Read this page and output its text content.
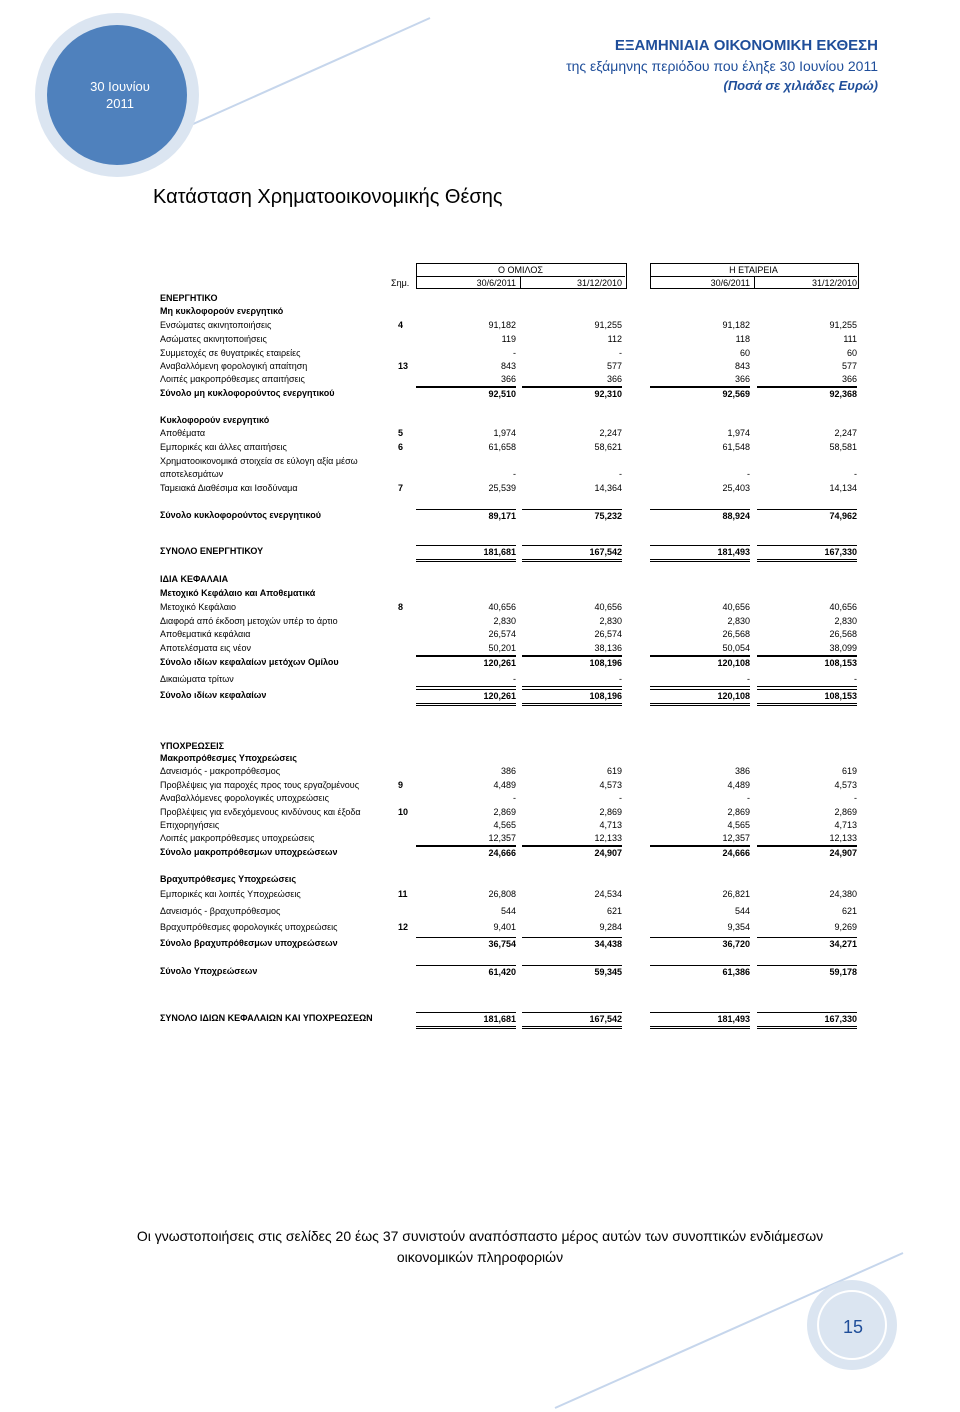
30 Ιουνίου
2011
ΕΞΑΜΗΝΙΑΙΑ ΟΙΚΟΝΟΜΙΚΗ ΕΚΘΕΣΗ
της εξάμηνης περιόδου που έληξε 30 Ιουνίου 2011
(Ποσά σε χιλιάδες Ευρώ)
Κατάσταση Χρηματοοικονομικής Θέσης
Ο ΟΜΙΛΟΣ	Η ΕΤΑΙΡΕΙΑ
Σημ.	30/6/2011	31/12/2010	30/6/2011	31/12/2010
ΕΝΕΡΓΗΤΙΚΟ
Μη κυκλοφορούν ενεργητικό
Ενσώματες ακινητοποιήσεις	4	91,182	91,255	91,182	91,255
Ασώματες ακινητοποιήσεις	119	112	118	111
Συμμετοχές σε θυγατρικές εταιρείες	-	-	60	60
Αναβαλλόμενη φορολογική απαίτηση	13	843	577	843	577
Λοιπές μακροπρόθεσμες απαιτήσεις	366	366	366	366
Σύνολο μη κυκλοφορούντος ενεργητικού	92,510	92,310	92,569	92,368
Κυκλοφορούν ενεργητικό
Αποθέματα	5	1,974	2,247	1,974	2,247
Εμπορικές και άλλες απαιτήσεις	6	61,658	58,621	61,548	58,581
Χρηματοοικονομικά στοιχεία σε εύλογη αξία μέσω
αποτελεσμάτων	-	-	-	-
Ταμειακά Διαθέσιμα και Ισοδύναμα	7	25,539	14,364	25,403	14,134
Σύνολο κυκλοφορούντος ενεργητικού	89,171	75,232	88,924	74,962
ΣΥΝΟΛΟ ΕΝΕΡΓΗΤΙΚΟΥ	181,681	167,542	181,493	167,330
ΙΔΙΑ ΚΕΦΑΛΑΙΑ
Μετοχικό Κεφάλαιο και Αποθεματικά
Μετοχικό Κεφάλαιο	8	40,656	40,656	40,656	40,656
Διαφορά από έκδοση μετοχών υπέρ το άρτιο	2,830	2,830	2,830	2,830
Αποθεματικά κεφάλαια	26,574	26,574	26,568	26,568
Αποτελέσματα εις νέον	50,201	38,136	50,054	38,099
Σύνολο ιδίων κεφαλαίων μετόχων Ομίλου	120,261	108,196	120,108	108,153
Δικαιώματα τρίτων	-	-	-	-
Σύνολο ιδίων κεφαλαίων	120,261	108,196	120,108	108,153
ΥΠΟΧΡΕΩΣΕΙΣ
Μακροπρόθεσμες Υποχρεώσεις
Δανεισμός - μακροπρόθεσμος	386	619	386	619
Προβλέψεις για παροχές προς τους εργαζομένους	9	4,489	4,573	4,489	4,573
Αναβαλλόμενες φορολογικές υποχρεώσεις	-	-	-	-
Προβλέψεις για ενδεχόμενους κινδύνους και έξοδα	10	2,869	2,869	2,869	2,869
Επιχορηγήσεις	4,565	4,713	4,565	4,713
Λοιπές μακροπρόθεσμες υποχρεώσεις	12,357	12,133	12,357	12,133
Σύνολο μακροπρόθεσμων υποχρεώσεων	24,666	24,907	24,666	24,907
Βραχυπρόθεσμες Υποχρεώσεις
Εμπορικές και λοιπές Υποχρεώσεις	11	26,808	24,534	26,821	24,380
Δανεισμός - βραχυπρόθεσμος	544	621	544	621
Βραχυπρόθεσμες φορολογικές υποχρεώσεις	12	9,401	9,284	9,354	9,269
Σύνολο βραχυπρόθεσμων υποχρεώσεων	36,754	34,438	36,720	34,271
Σύνολο Υποχρεώσεων	61,420	59,345	61,386	59,178
ΣΥΝΟΛΟ ΙΔΙΩΝ ΚΕΦΑΛΑΙΩΝ ΚΑΙ ΥΠΟΧΡΕΩΣΕΩΝ	181,681	167,542	181,493	167,330
Οι γνωστοποιήσεις στις σελίδες 20 έως 37 συνιστούν αναπόσπαστο μέρος αυτών των συνοπτικών ενδιάμεσων
οικονομικών πληροφοριών
15
